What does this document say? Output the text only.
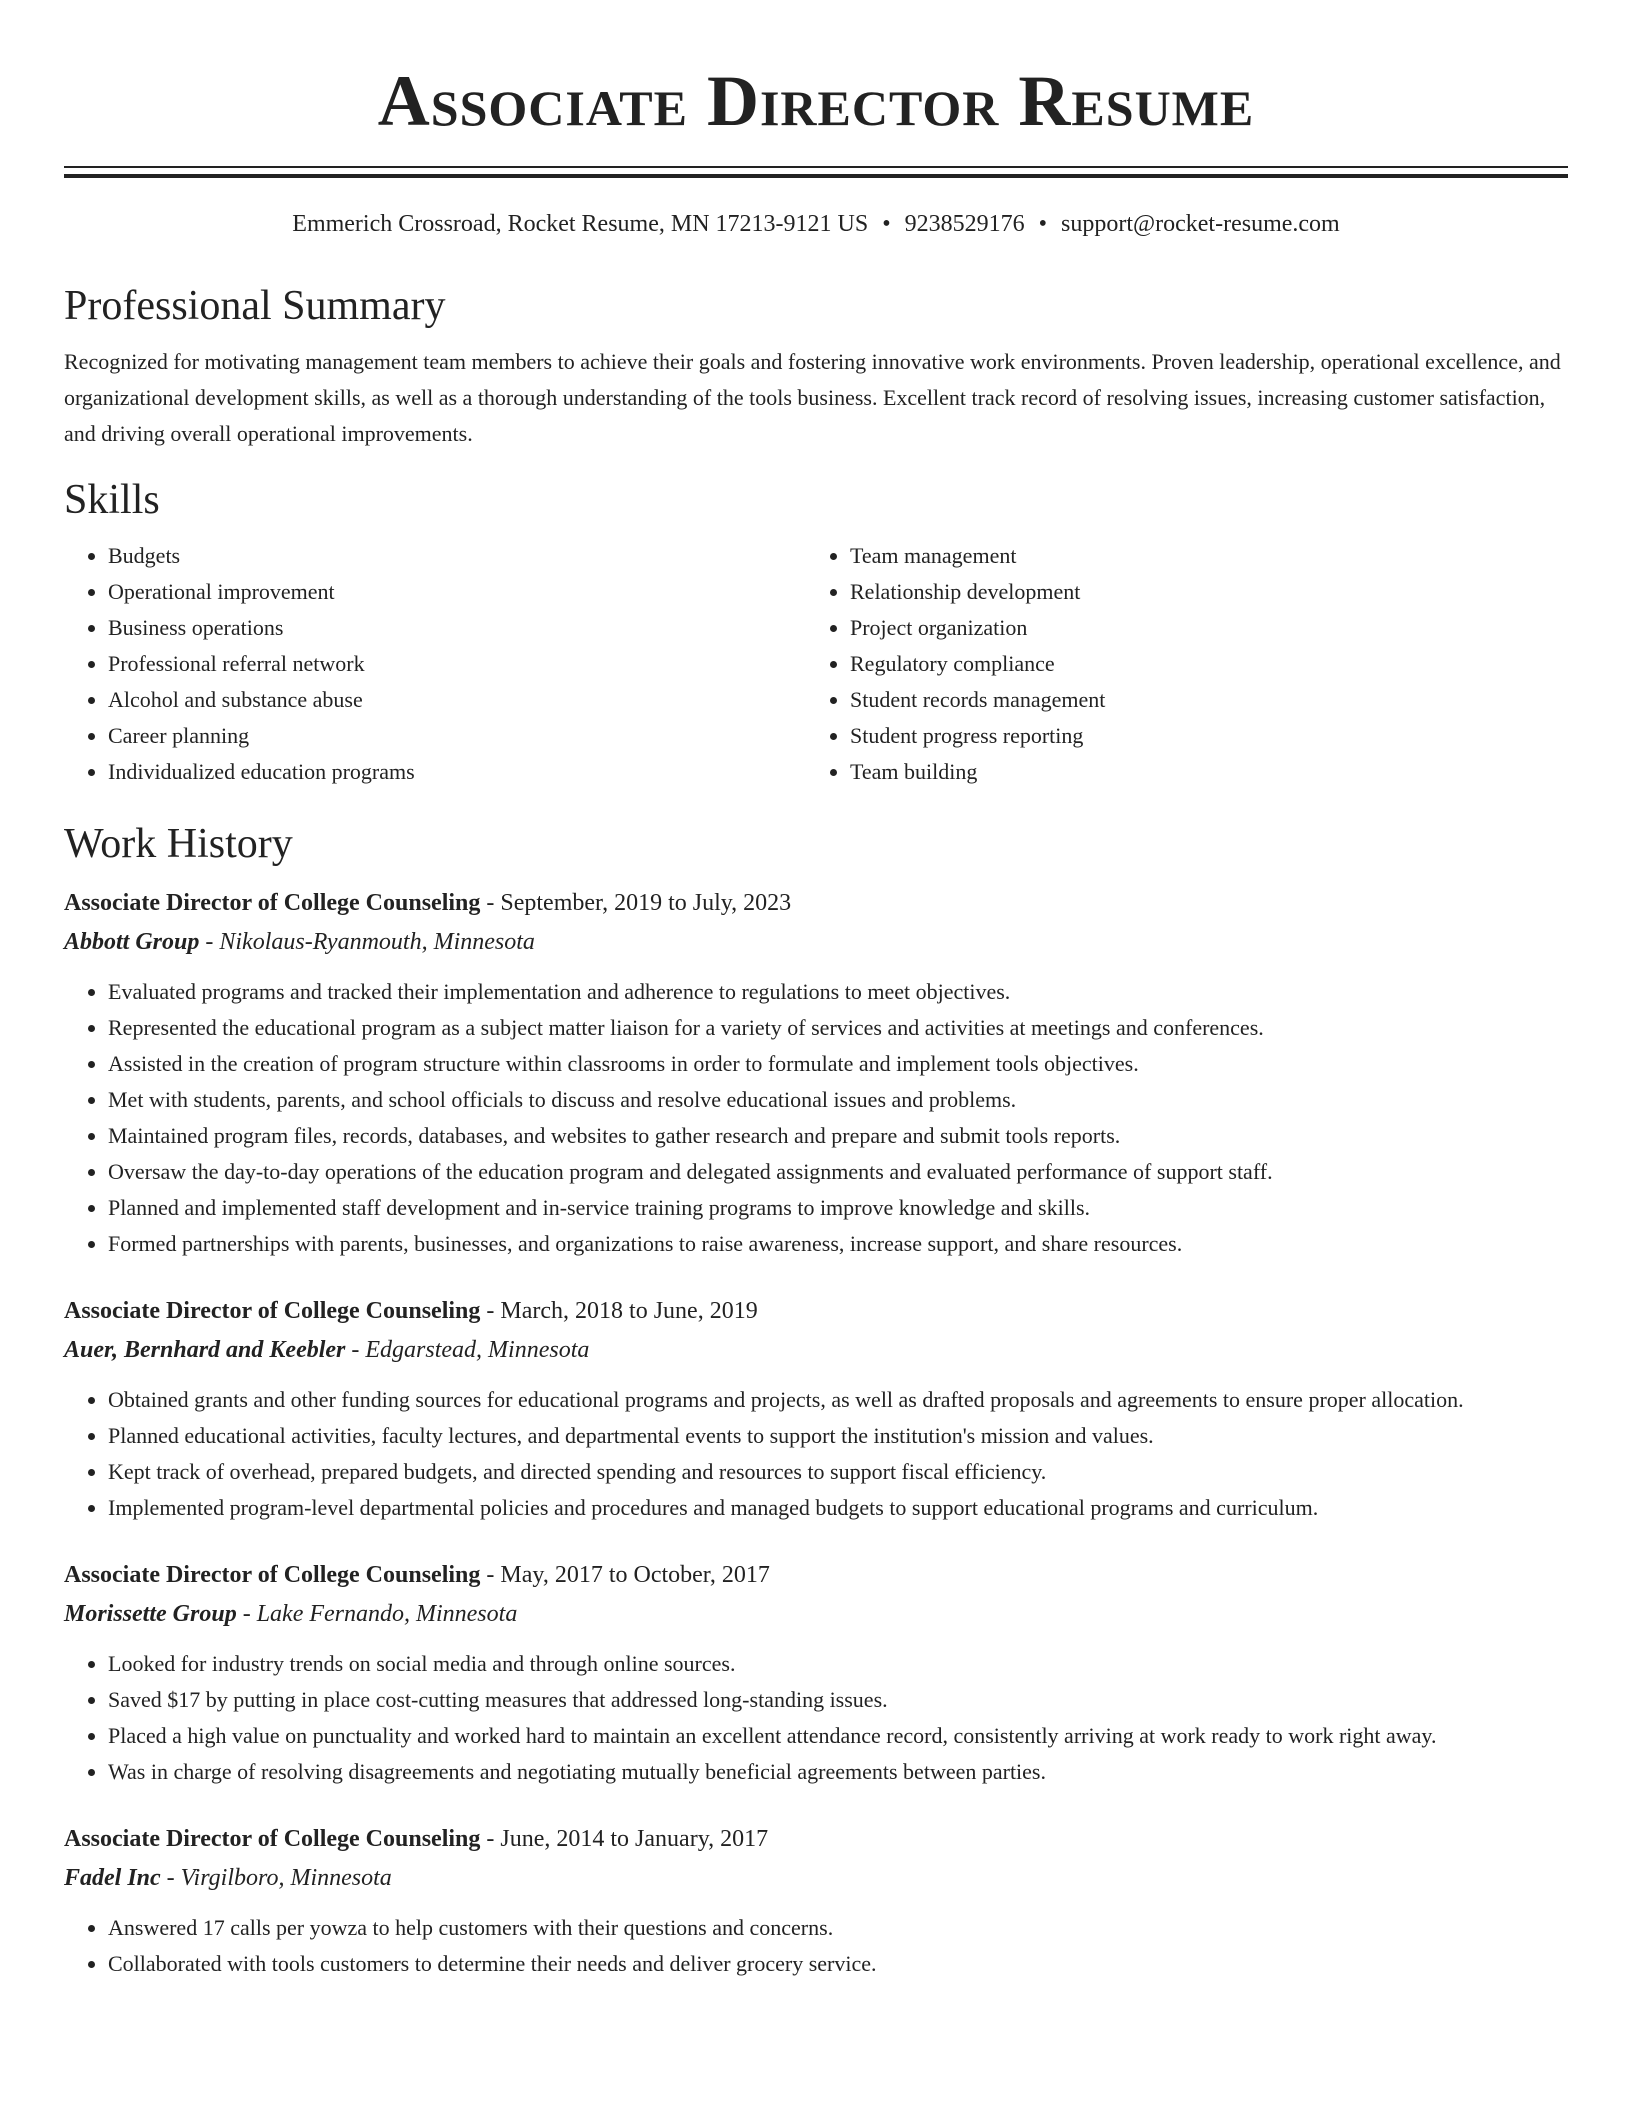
Associate Director Resume
Emmerich Crossroad, Rocket Resume, MN 17213-9121 US • 9238529176 • support@rocket-resume.com
Professional Summary

Recognized for motivating management team members to achieve their goals and fostering innovative work environments. Proven leadership, operational excellence, and organizational development skills, as well as a thorough understanding of the tools business. Excellent track record of resolving issues, increasing customer satisfaction, and driving overall operational improvements.

Skills
• Budgets
• Operational improvement
• Business operations
• Professional referral network
• Alcohol and substance abuse
• Career planning
• Individualized education programs
• Team management
• Relationship development
• Project organization
• Regulatory compliance
• Student records management
• Student progress reporting
• Team building
Work History
Associate Director of College Counseling - September, 2019 to July, 2023
Abbott Group - Nikolaus-Ryanmouth, Minnesota
• Evaluated programs and tracked their implementation and adherence to regulations to meet objectives.
• Represented the educational program as a subject matter liaison for a variety of services and activities at meetings and conferences.
• Assisted in the creation of program structure within classrooms in order to formulate and implement tools objectives.
• Met with students, parents, and school officials to discuss and resolve educational issues and problems.
• Maintained program files, records, databases, and websites to gather research and prepare and submit tools reports.
• Oversaw the day-to-day operations of the education program and delegated assignments and evaluated performance of support staff.
• Planned and implemented staff development and in-service training programs to improve knowledge and skills.
• Formed partnerships with parents, businesses, and organizations to raise awareness, increase support, and share resources.
Associate Director of College Counseling - March, 2018 to June, 2019
Auer, Bernhard and Keebler - Edgarstead, Minnesota
• Obtained grants and other funding sources for educational programs and projects, as well as drafted proposals and agreements to ensure proper allocation.
• Planned educational activities, faculty lectures, and departmental events to support the institution's mission and values.
• Kept track of overhead, prepared budgets, and directed spending and resources to support fiscal efficiency.
• Implemented program-level departmental policies and procedures and managed budgets to support educational programs and curriculum.
Associate Director of College Counseling - May, 2017 to October, 2017
Morissette Group - Lake Fernando, Minnesota
• Looked for industry trends on social media and through online sources.
• Saved $17 by putting in place cost-cutting measures that addressed long-standing issues.
• Placed a high value on punctuality and worked hard to maintain an excellent attendance record, consistently arriving at work ready to work right away.
• Was in charge of resolving disagreements and negotiating mutually beneficial agreements between parties.
Associate Director of College Counseling - June, 2014 to January, 2017
Fadel Inc - Virgilboro, Minnesota
• Answered 17 calls per yowza to help customers with their questions and concerns.
• Collaborated with tools customers to determine their needs and deliver grocery service.
